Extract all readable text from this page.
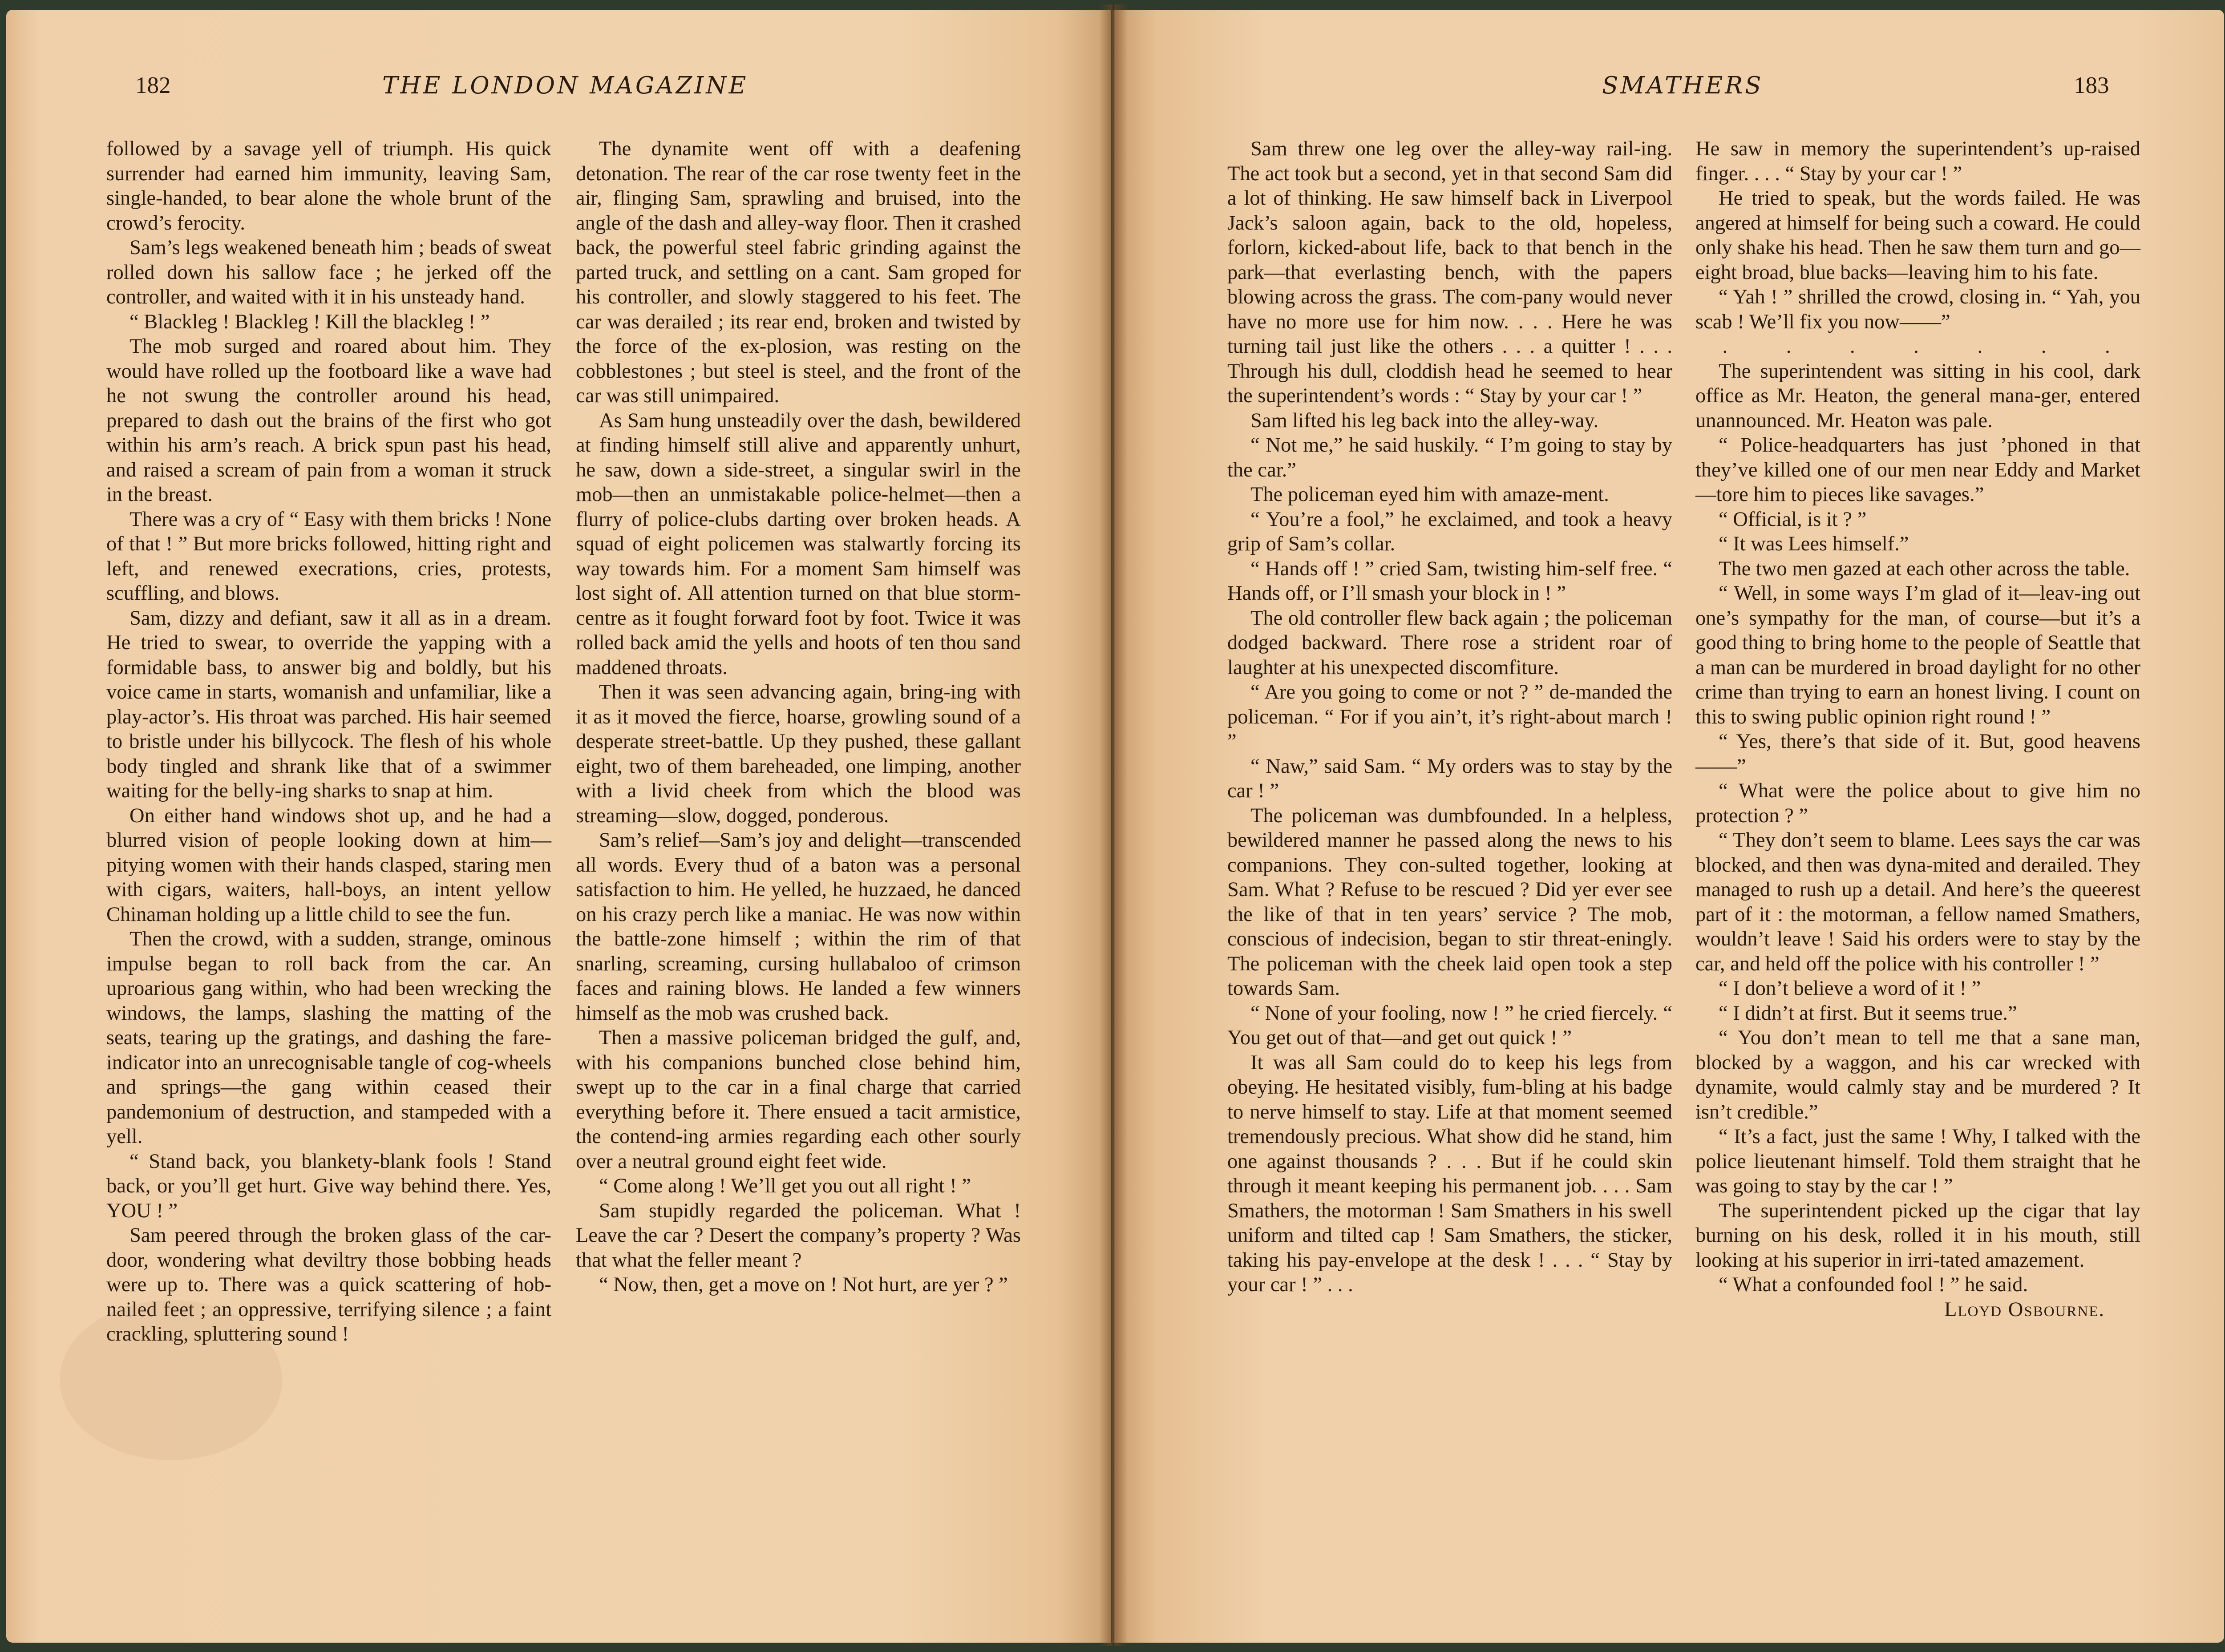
182	THE LONDON MAGAZINE

followed by a savage yell of triumph. His quick surrender had earned him immunity, leaving Sam, single-handed, to bear alone the whole brunt of the crowd’s ferocity.

Sam’s legs weakened beneath him ; beads of sweat rolled down his sallow face ; he jerked off the controller, and waited with it in his unsteady hand.

“ Blackleg ! Blackleg ! Kill the blackleg ! ”

The mob surged and roared about him. They would have rolled up the footboard like a wave had he not swung the controller around his head, prepared to dash out the brains of the first who got within his arm’s reach. A brick spun past his head, and raised a scream of pain from a woman it struck in the breast.

There was a cry of “ Easy with them bricks ! None of that ! ” But more bricks followed, hitting right and left, and renewed execrations, cries, protests, scuffling, and blows.

Sam, dizzy and defiant, saw it all as in a dream. He tried to swear, to override the yapping with a formidable bass, to answer big and boldly, but his voice came in starts, womanish and unfamiliar, like a play-actor’s. His throat was parched. His hair seemed to bristle under his billycock. The flesh of his whole body tingled and shrank like that of a swimmer waiting for the belly-ing sharks to snap at him.

On either hand windows shot up, and he had a blurred vision of people looking down at him—pitying women with their hands clasped, staring men with cigars, waiters, hall-boys, an intent yellow Chinaman holding up a little child to see the fun.

Then the crowd, with a sudden, strange, ominous impulse began to roll back from the car. An uproarious gang within, who had been wrecking the windows, the lamps, slashing the matting of the seats, tearing up the gratings, and dashing the fare-indicator into an unrecognisable tangle of cog-wheels and springs—the gang within ceased their pandemonium of destruction, and stampeded with a yell.

“ Stand back, you blankety-blank fools ! Stand back, or you’ll get hurt. Give way behind there. Yes, YOU ! ”

Sam peered through the broken glass of the car-door, wondering what deviltry those bobbing heads were up to. There was a quick scattering of hob-nailed feet ; an oppressive, terrifying silence ; a faint crackling, spluttering sound !

The dynamite went off with a deafening detonation. The rear of the car rose twenty feet in the air, flinging Sam, sprawling and bruised, into the angle of the dash and alley-way floor. Then it crashed back, the powerful steel fabric grinding against the parted truck, and settling on a cant. Sam groped for his controller, and slowly staggered to his feet. The car was derailed ; its rear end, broken and twisted by the force of the ex-plosion, was resting on the cobblestones ; but steel is steel, and the front of the car was still unimpaired.

As Sam hung unsteadily over the dash, bewildered at finding himself still alive and apparently unhurt, he saw, down a side-street, a singular swirl in the mob—then an unmistakable police-helmet—then a flurry of police-clubs darting over broken heads. A squad of eight policemen was stalwartly forcing its way towards him. For a moment Sam himself was lost sight of. All attention turned on that blue storm-centre as it fought forward foot by foot. Twice it was rolled back amid the yells and hoots of ten thou sand maddened throats.

Then it was seen advancing again, bring-ing with it as it moved the fierce, hoarse, growling sound of a desperate street-battle. Up they pushed, these gallant eight, two of them bareheaded, one limping, another with a livid cheek from which the blood was streaming—slow, dogged, ponderous.

Sam’s relief—Sam’s joy and delight—transcended all words. Every thud of a baton was a personal satisfaction to him. He yelled, he huzzaed, he danced on his crazy perch like a maniac. He was now within the battle-zone himself ; within the rim of that snarling, screaming, cursing hullabaloo of crimson faces and raining blows. He landed a few winners himself as the mob was crushed back.

Then a massive policeman bridged the gulf, and, with his companions bunched close behind him, swept up to the car in a final charge that carried everything before it. There ensued a tacit armistice, the contend-ing armies regarding each other sourly over a neutral ground eight feet wide.

“ Come along ! We’ll get you out all right ! ”

Sam stupidly regarded the policeman. What ! Leave the car ? Desert the company’s property ? Was that what the feller meant ?

“ Now, then, get a move on ! Not hurt, are yer ? ”

SMATHERS	183

Sam threw one leg over the alley-way rail-ing. The act took but a second, yet in that second Sam did a lot of thinking. He saw himself back in Liverpool Jack’s saloon again, back to the old, hopeless, forlorn, kicked-about life, back to that bench in the park—that everlasting bench, with the papers blowing across the grass. The com-pany would never have no more use for him now. . . . Here he was turning tail just like the others . . . a quitter ! . . . Through his dull, cloddish head he seemed to hear the superintendent’s words : “ Stay by your car ! ”

Sam lifted his leg back into the alley-way.

“ Not me,” he said huskily. “ I’m going to stay by the car.”

The policeman eyed him with amaze-ment.

“ You’re a fool,” he exclaimed, and took a heavy grip of Sam’s collar.

“ Hands off ! ” cried Sam, twisting him-self free. “ Hands off, or I’ll smash your block in ! ”

The old controller flew back again ; the policeman dodged backward. There rose a strident roar of laughter at his unexpected discomfiture.

“ Are you going to come or not ? ” de-manded the policeman. “ For if you ain’t, it’s right-about march ! ”

“ Naw,” said Sam. “ My orders was to stay by the car ! ”

The policeman was dumbfounded. In a helpless, bewildered manner he passed along the news to his companions. They con-sulted together, looking at Sam. What ? Refuse to be rescued ? Did yer ever see the like of that in ten years’ service ? The mob, conscious of indecision, began to stir threat-eningly. The policeman with the cheek laid open took a step towards Sam.

“ None of your fooling, now ! ” he cried fiercely. “ You get out of that—and get out quick ! ”

It was all Sam could do to keep his legs from obeying. He hesitated visibly, fum-bling at his badge to nerve himself to stay. Life at that moment seemed tremendously precious. What show did he stand, him one against thousands ? . . . But if he could skin through it meant keeping his permanent job. . . . Sam Smathers, the motorman ! Sam Smathers in his swell uniform and tilted cap ! Sam Smathers, the sticker, taking his pay-envelope at the desk ! . . . “ Stay by your car ! ” . . .

He saw in memory the superintendent’s up-raised finger. . . . “ Stay by your car ! ”

He tried to speak, but the words failed. He was angered at himself for being such a coward. He could only shake his head. Then he saw them turn and go—eight broad, blue backs—leaving him to his fate.

“ Yah ! ” shrilled the crowd, closing in. “ Yah, you scab ! We’ll fix you now——”

. . . . . . .

The superintendent was sitting in his cool, dark office as Mr. Heaton, the general mana-ger, entered unannounced. Mr. Heaton was pale.

“ Police-headquarters has just ’phoned in that they’ve killed one of our men near Eddy and Market—tore him to pieces like savages.”

“ Official, is it ? ”

“ It was Lees himself.”

The two men gazed at each other across the table.

“ Well, in some ways I’m glad of it—leav-ing out one’s sympathy for the man, of course—but it’s a good thing to bring home to the people of Seattle that a man can be murdered in broad daylight for no other crime than trying to earn an honest living. I count on this to swing public opinion right round ! ”

“ Yes, there’s that side of it. But, good heavens——”

“ What were the police about to give him no protection ? ”

“ They don’t seem to blame. Lees says the car was blocked, and then was dyna-mited and derailed. They managed to rush up a detail. And here’s the queerest part of it : the motorman, a fellow named Smathers, wouldn’t leave ! Said his orders were to stay by the car, and held off the police with his controller ! ”

“ I don’t believe a word of it ! ”

“ I didn’t at first. But it seems true.”

“ You don’t mean to tell me that a sane man, blocked by a waggon, and his car wrecked with dynamite, would calmly stay and be murdered ? It isn’t credible.”

“ It’s a fact, just the same ! Why, I talked with the police lieutenant himself. Told them straight that he was going to stay by the car ! ”

The superintendent picked up the cigar that lay burning on his desk, rolled it in his mouth, still looking at his superior in irri-tated amazement.

“ What a confounded fool ! ” he said.

Lloyd Osbourne.
